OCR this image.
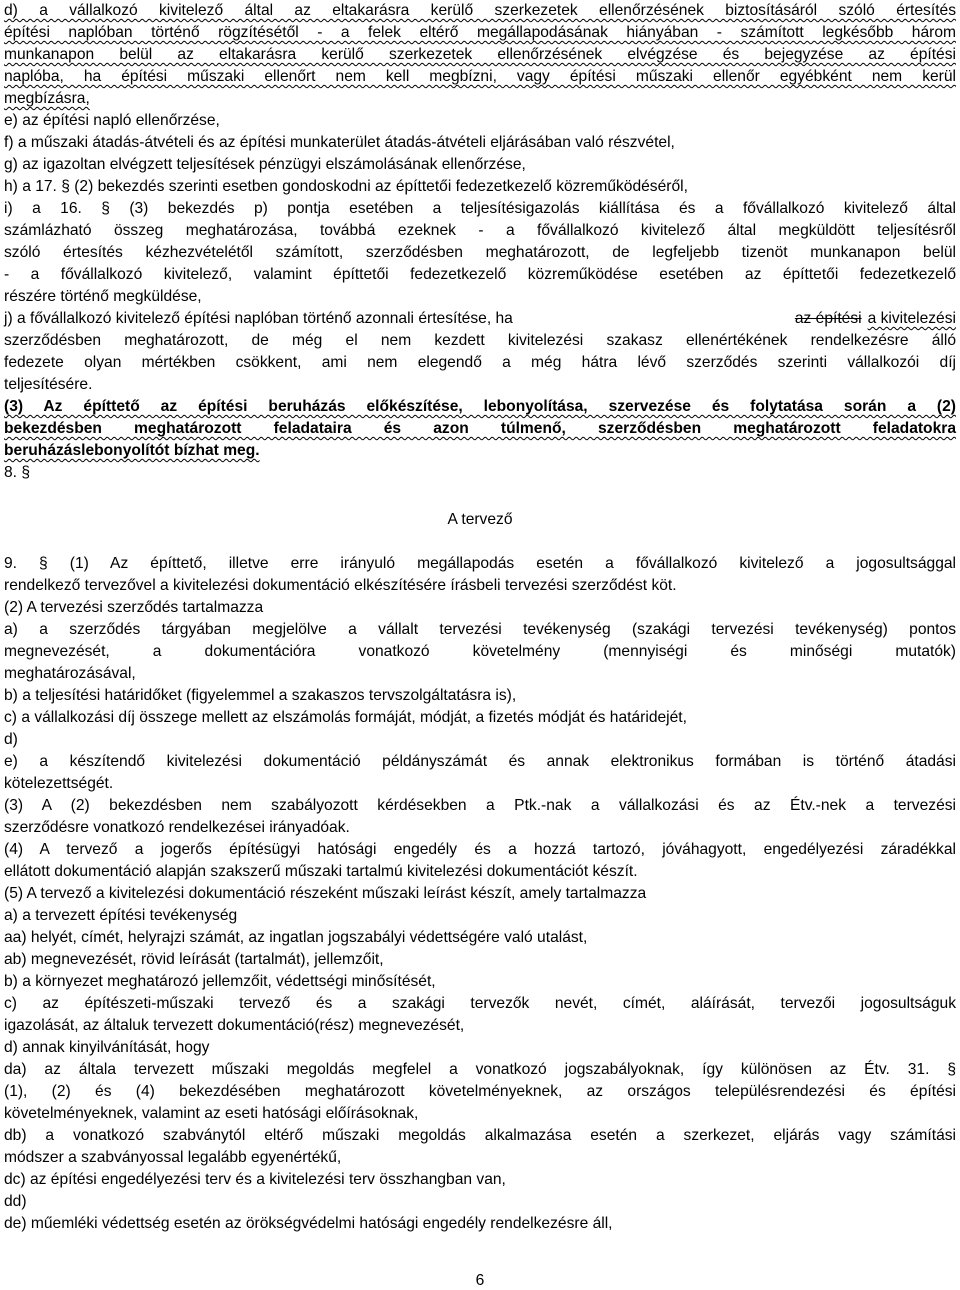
d) a vállalkozó kivitelező által az eltakarásra kerülő szerkezetek ellenőrzésének biztosításáról szóló értesítés
építési naplóban történő rögzítésétől - a felek eltérő megállapodásának hiányában - számított legkésőbb három
munkanapon belül az eltakarásra kerülő szerkezetek ellenőrzésének elvégzése és bejegyzése az építési
naplóba, ha építési műszaki ellenőrt nem kell megbízni, vagy építési műszaki ellenőr egyébként nem kerül
megbízásra,
e) az építési napló ellenőrzése,
f) a műszaki átadás-átvételi és az építési munkaterület átadás-átvételi eljárásában való részvétel,
g) az igazoltan elvégzett teljesítések pénzügyi elszámolásának ellenőrzése,
h) a 17. § (2) bekezdés szerinti esetben gondoskodni az építtetői fedezetkezelő közreműködéséről,
i) a 16. § (3) bekezdés p) pontja esetében a teljesítésigazolás kiállítása és a fővállalkozó kivitelező által
számlázható összeg meghatározása, továbbá ezeknek - a fővállalkozó kivitelező által megküldött teljesítésről
szóló értesítés kézhezvételétől számított, szerződésben meghatározott, de legfeljebb tizenöt munkanapon belül
- a fővállalkozó kivitelező, valamint építtetői fedezetkezelő közreműködése esetében az építtetői fedezetkezelő
részére történő megküldése,
j) a fővállalkozó kivitelező építési naplóban történő azonnali értesítése, ha	az építési a kivitelezési
szerződésben meghatározott, de még el nem kezdett kivitelezési szakasz ellenértékének rendelkezésre álló
fedezete olyan mértékben csökkent, ami nem elegendő a még hátra lévő szerződés szerinti vállalkozói díj
teljesítésére.
(3) Az építtető az építési beruházás előkészítése, lebonyolítása, szervezése és folytatása során a (2)
bekezdésben meghatározott feladataira és azon túlmenő, szerződésben meghatározott feladatokra
beruházáslebonyolítót bízhat meg.
8. §
A tervező
9. § (1) Az építtető, illetve erre irányuló megállapodás esetén a fővállalkozó kivitelező a jogosultsággal
rendelkező tervezővel a kivitelezési dokumentáció elkészítésére írásbeli tervezési szerződést köt.
(2) A tervezési szerződés tartalmazza
a) a szerződés tárgyában megjelölve a vállalt tervezési tevékenység (szakági tervezési tevékenység) pontos
megnevezését, a dokumentációra vonatkozó követelmény (mennyiségi és minőségi mutatók)
meghatározásával,
b) a teljesítési határidőket (figyelemmel a szakaszos tervszolgáltatásra is),
c) a vállalkozási díj összege mellett az elszámolás formáját, módját, a fizetés módját és határidejét,
d)
e) a készítendő kivitelezési dokumentáció példányszámát és annak elektronikus formában is történő átadási
kötelezettségét.
(3) A (2) bekezdésben nem szabályozott kérdésekben a Ptk.-nak a vállalkozási és az Étv.-nek a tervezési
szerződésre vonatkozó rendelkezései irányadóak.
(4) A tervező a jogerős építésügyi hatósági engedély és a hozzá tartozó, jóváhagyott, engedélyezési záradékkal
ellátott dokumentáció alapján szakszerű műszaki tartalmú kivitelezési dokumentációt készít.
(5) A tervező a kivitelezési dokumentáció részeként műszaki leírást készít, amely tartalmazza
a) a tervezett építési tevékenység
aa) helyét, címét, helyrajzi számát, az ingatlan jogszabályi védettségére való utalást,
ab) megnevezését, rövid leírását (tartalmát), jellemzőit,
b) a környezet meghatározó jellemzőit, védettségi minősítését,
c) az építészeti-műszaki tervező és a szakági tervezők nevét, címét, aláírását, tervezői jogosultságuk
igazolását, az általuk tervezett dokumentáció(rész) megnevezését,
d) annak kinyilvánítását, hogy
da) az általa tervezett műszaki megoldás megfelel a vonatkozó jogszabályoknak, így különösen az Étv. 31. §
(1), (2) és (4) bekezdésében meghatározott követelményeknek, az országos településrendezési és építési
követelményeknek, valamint az eseti hatósági előírásoknak,
db) a vonatkozó szabványtól eltérő műszaki megoldás alkalmazása esetén a szerkezet, eljárás vagy számítási
módszer a szabványossal legalább egyenértékű,
dc) az építési engedélyezési terv és a kivitelezési terv összhangban van,
dd)
de) műemléki védettség esetén az örökségvédelmi hatósági engedély rendelkezésre áll,
6
